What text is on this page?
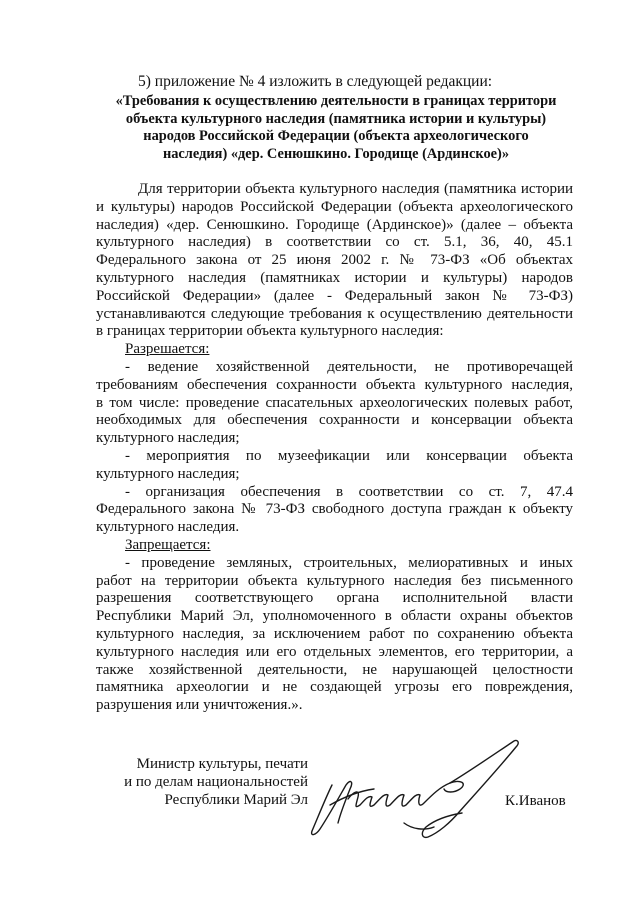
5) приложение № 4 изложить в следующей редакции:
«Требования к осуществлению деятельности в границах территори
объекта культурного наследия (памятника истории и культуры)
народов Российской Федерации (объекта археологического
наследия) «дер. Сенюшкино. Городище (Ардинское)»
Для территории объекта культурного наследия (памятника истории
и культуры) народов Российской Федерации (объекта археологического
наследия) «дер. Сенюшкино. Городище (Ардинское)» (далее – объекта
культурного наследия) в соответствии со ст. 5.1, 36, 40, 45.1
Федерального закона от 25 июня 2002 г. № 73-ФЗ «Об объектах
культурного наследия (памятниках истории и культуры) народов
Российской Федерации» (далее - Федеральный закон № 73-ФЗ)
устанавливаются следующие требования к осуществлению деятельности
в границах территории объекта культурного наследия:
Разрешается:
- ведение хозяйственной деятельности, не противоречащей
требованиям обеспечения сохранности объекта культурного наследия,
в том числе: проведение спасательных археологических полевых работ,
необходимых для обеспечения сохранности и консервации объекта
культурного наследия;
- мероприятия по музеефикации или консервации объекта
культурного наследия;
- организация обеспечения в соответствии со ст. 7, 47.4
Федерального закона № 73-ФЗ свободного доступа граждан к объекту
культурного наследия.
Запрещается:
- проведение земляных, строительных, мелиоративных и иных
работ на территории объекта культурного наследия без письменного
разрешения соответствующего органа исполнительной власти
Республики Марий Эл, уполномоченного в области охраны объектов
культурного наследия, за исключением работ по сохранению объекта
культурного наследия или его отдельных элементов, его территории, а
также хозяйственной деятельности, не нарушающей целостности
памятника археологии и не создающей угрозы его повреждения,
разрушения или уничтожения.».
Министр культуры, печати
и по делам национальностей
Республики Марий Эл	К.Иванов
